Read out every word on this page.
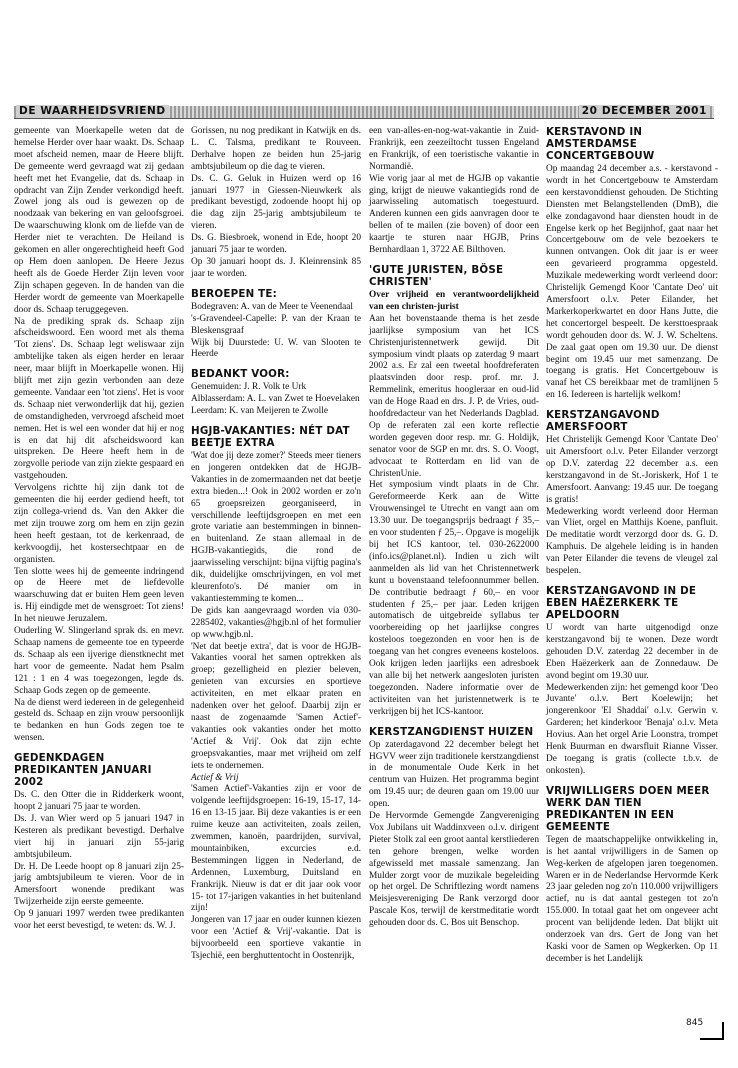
DE WAARHEIDSVRIEND	20 DECEMBER 2001

gemeente van Moerkapelle weten dat de hemelse Herder over haar waakt. Ds. Schaap moet afscheid nemen, maar de Heere blijft. De gemeente werd gevraagd wat zij gedaan heeft met het Evangelie, dat ds. Schaap in opdracht van Zijn Zender verkondigd heeft. Zowel jong als oud is gewezen op de noodzaak van bekering en van geloofsgroei. De waarschuwing klonk om de liefde van de Herder niet te verachten. De Heiland is gekomen en aller ongerechtigheid heeft God op Hem doen aanlopen. De Heere Jezus heeft als de Goede Herder Zijn leven voor Zijn schapen gegeven. In de handen van die Herder wordt de gemeente van Moerkapelle door ds. Schaap teruggegeven.

Na de prediking sprak ds. Schaap zijn afscheidswoord. Een woord met als thema 'Tot ziens'. Ds. Schaap legt weliswaar zijn ambtelijke taken als eigen herder en leraar neer, maar blijft in Moerkapelle wonen. Hij blijft met zijn gezin verbonden aan deze gemeente. Vandaar een 'tot ziens'. Het is voor ds. Schaap niet verwonderlijk dat hij, gezien de omstandigheden, vervroegd afscheid moet nemen. Het is wel een wonder dat hij er nog is en dat hij dit afscheidswoord kan uitspreken. De Heere heeft hem in de zorgvolle periode van zijn ziekte gespaard en vastgehouden.

Vervolgens richtte hij zijn dank tot de gemeenten die hij eerder gediend heeft, tot zijn collega-vriend ds. Van den Akker die met zijn trouwe zorg om hem en zijn gezin heen heeft gestaan, tot de kerkenraad, de kerkvoogdij, het kostersechtpaar en de organisten.

Ten slotte wees hij de gemeente indringend op de Heere met de liefdevolle waarschuwing dat er buiten Hem geen leven is. Hij eindigde met de wensgroet: Tot ziens! In het nieuwe Jeruzalem.

Ouderling W. Slingerland sprak ds. en mevr. Schaap namens de gemeente toe en typeerde ds. Schaap als een ijverige dienstknecht met hart voor de gemeente. Nadat hem Psalm 121 : 1 en 4 was toegezongen, legde ds. Schaap Gods zegen op de gemeente.

Na de dienst werd iedereen in de gelegenheid gesteld ds. Schaap en zijn vrouw persoonlijk te bedanken en hun Gods zegen toe te wensen.

GEDENKDAGEN PREDIKANTEN JANUARI 2002

Ds. C. den Otter die in Ridderkerk woont, hoopt 2 januari 75 jaar te worden.

Ds. J. van Wier werd op 5 januari 1947 in Kesteren als predikant bevestigd. Derhalve viert hij in januari zijn 55-jarig ambtsjubileum.

Dr. H. De Leede hoopt op 8 januari zijn 25-jarig ambtsjubileum te vieren. Voor de in Amersfoort wonende predikant was Twijzerheide zijn eerste gemeente.

Op 9 januari 1997 werden twee predikanten voor het eerst bevestigd, te weten: ds. W. J.

Gorissen, nu nog predikant in Katwijk en ds. L. C. Talsma, predikant te Rouveen. Derhalve hopen ze beiden hun 25-jarig ambtsjubileum op die dag te vieren.

Ds. C. G. Geluk in Huizen werd op 16 januari 1977 in Giessen-Nieuwkerk als predikant bevestigd, zodoende hoopt hij op die dag zijn 25-jarig ambtsjubileum te vieren.

Ds. G. Biesbroek, wonend in Ede, hoopt 20 januari 75 jaar te worden.

Op 30 januari hoopt ds. J. Kleinrensink 85 jaar te worden.

BEROEPEN TE:

Bodegraven: A. van de Meer te Veenendaal

's-Gravendeel-Capelle: P. van der Kraan te Bleskensgraaf

Wijk bij Duurstede: U. W. van Slooten te Heerde

BEDANKT VOOR:

Genemuiden: J. R. Volk te Urk

Alblasserdam: A. L. van Zwet te Hoevelaken

Leerdam: K. van Meijeren te Zwolle

HGJB-VAKANTIES: NÉT DAT BEETJE EXTRA

'Wat doe jij deze zomer?' Steeds meer tieners en jongeren ontdekken dat de HGJB-Vakanties in de zomermaanden net dat beetje extra bieden...! Ook in 2002 worden er zo'n 65 groepsreizen georganiseerd, in verschillende leeftijdsgroepen en met een grote variatie aan bestemmingen in binnen- en buitenland. Ze staan allemaal in de HGJB-vakantiegids, die rond de jaarwisseling verschijnt: bijna vijftig pagina's dik, duidelijke omschrijvingen, en vol met kleurenfoto's. Dé manier om in vakantiestemming te komen...

De gids kan aangevraagd worden via 030-2285402, vakanties@hgjb.nl of het formulier op www.hgjb.nl.

'Net dat beetje extra', dat is voor de HGJB-Vakanties vooral het samen optrekken als groep; gezelligheid en plezier beleven, genieten van excursies en sportieve activiteiten, en met elkaar praten en nadenken over het geloof. Daarbij zijn er naast de zogenaamde 'Samen Actief'-vakanties ook vakanties onder het motto 'Actief & Vrij'. Ook dat zijn echte groepsvakanties, maar met vrijheid om zelf iets te ondernemen.

Actief & Vrij

'Samen Actief'-Vakanties zijn er voor de volgende leeftijdsgroepen: 16-19, 15-17, 14-16 en 13-15 jaar. Bij deze vakanties is er een ruime keuze aan activiteiten, zoals zeilen, zwemmen, kanoën, paardrijden, survival, mountainbiken, excurcies e.d. Bestemmingen liggen in Nederland, de Ardennen, Luxemburg, Duitsland en Frankrijk. Nieuw is dat er dit jaar ook voor 15- tot 17-jarigen vakanties in het buitenland zijn!

Jongeren van 17 jaar en ouder kunnen kiezen voor een 'Actief & Vrij'-vakantie. Dat is bijvoorbeeld een sportieve vakantie in Tsjechië, een berghuttentocht in Oostenrijk,

een van-alles-en-nog-wat-vakantie in Zuid-Frankrijk, een zeezeiltocht tussen Engeland en Frankrijk, of een toeristische vakantie in Normandië.

Wie vorig jaar al met de HGJB op vakantie ging, krijgt de nieuwe vakantiegids rond de jaarwisseling automatisch toegestuurd. Anderen kunnen een gids aanvragen door te bellen of te mailen (zie boven) of door een kaartje te sturen naar HGJB, Prins Bernhardlaan 1, 3722 AE Bilthoven.

'GUTE JURISTEN, BÖSE CHRISTEN'

Over vrijheid en verantwoordelijkheid van een christen-jurist

Aan het bovenstaande thema is het zesde jaarlijkse symposium van het ICS Christenjuristennetwerk gewijd. Dit symposium vindt plaats op zaterdag 9 maart 2002 a.s. Er zal een tweetal hoofdreferaten plaatsvinden door resp. prof. mr. J. Remmelink, emeritus hoogleraar en oud-lid van de Hoge Raad en drs. J. P. de Vries, oud-hoofdredacteur van het Nederlands Dagblad. Op de referaten zal een korte reflectie worden gegeven door resp. mr. G. Holdijk, senator voor de SGP en mr. drs. S. O. Voogt, advocaat te Rotterdam en lid van de ChristenUnie.

Het symposium vindt plaats in de Chr. Gereformeerde Kerk aan de Witte Vrouwensingel te Utrecht en vangt aan om 13.30 uur. De toegangsprijs bedraagt ƒ 35,– en voor studenten ƒ 25,–. Opgave is mogelijk bij het ICS kantoor, tel. 030-2622000 (info.ics@planet.nl). Indien u zich wilt aanmelden als lid van het Christennetwerk kunt u bovenstaand telefoonnummer bellen. De contributie bedraagt ƒ 60,– en voor studenten ƒ 25,– per jaar. Leden krijgen automatisch de uitgebreide syllabus ter voorbereiding op het jaarlijkse congres kosteloos toegezonden en voor hen is de toegang van het congres eveneens kosteloos. Ook krijgen leden jaarlijks een adresboek van alle bij het netwerk aangesloten juristen toegezonden. Nadere informatie over de activiteiten van het juristennetwerk is te verkrijgen bij het ICS-kantoor.

KERSTZANGDIENST HUIZEN

Op zaterdagavond 22 december belegt het HGVV weer zijn traditionele kerstzangdienst in de monumentale Oude Kerk in het centrum van Huizen. Het programma begint om 19.45 uur; de deuren gaan om 19.00 uur open.

De Hervormde Gemengde Zangvereniging Vox Jubilans uit Waddinxveen o.l.v. dirigent Pieter Stolk zal een groot aantal kerstliederen ten gehore brengen, welke worden afgewisseld met massale samenzang. Jan Mulder zorgt voor de muzikale begeleiding op het orgel. De Schriftlezing wordt namens Meisjesvereniging De Rank verzorgd door Pascale Kos, terwijl de kerstmeditatie wordt gehouden door ds. C. Bos uit Benschop.

KERSTAVOND IN AMSTERDAMSE CONCERTGEBOUW

Op maandag 24 december a.s. - kerstavond - wordt in het Concertgebouw te Amsterdam een kerstavonddienst gehouden. De Stichting Diensten met Belangstellenden (DmB), die elke zondagavond haar diensten houdt in de Engelse kerk op het Begijnhof, gaat naar het Concertgebouw om de vele bezoekers te kunnen ontvangen. Ook dit jaar is er weer een gevarieerd programma opgesteld. Muzikale medewerking wordt verleend door: Christelijk Gemengd Koor 'Cantate Deo' uit Amersfoort o.l.v. Peter Eilander, het Markerkoperkwartet en door Hans Jutte, die het concertorgel bespeelt. De kersttoespraak wordt gehouden door ds. W. J. W. Scheltens. De zaal gaat open om 19.30 uur. De dienst begint om 19.45 uur met samenzang. De toegang is gratis. Het Concertgebouw is vanaf het CS bereikbaar met de tramlijnen 5 en 16. Iedereen is hartelijk welkom!

KERSTZANGAVOND AMERSFOORT

Het Christelijk Gemengd Koor 'Cantate Deo' uit Amersfoort o.l.v. Peter Eilander verzorgt op D.V. zaterdag 22 december a.s. een kerstzangavond in de St.-Joriskerk, Hof 1 te Amersfoort. Aanvang: 19.45 uur. De toegang is gratis!

Medewerking wordt verleend door Herman van Vliet, orgel en Matthijs Koene, panfluit. De meditatie wordt verzorgd door ds. G. D. Kamphuis. De algehele leiding is in handen van Peter Eilander die tevens de vleugel zal bespelen.

KERSTZANGAVOND IN DE EBEN HAËZERKERK TE APELDOORN

U wordt van harte uitgenodigd onze kerstzangavond bij te wonen. Deze wordt gehouden D.V. zaterdag 22 december in de Eben Haëzerkerk aan de Zonnedauw. De avond begint om 19.30 uur.

Medewerkenden zijn: het gemengd koor 'Deo Juvante' o.l.v. Bert Koelewijn; het jongerenkoor 'El Shaddai' o.l.v. Gerwin v. Garderen; het kinderkoor 'Benaja' o.l.v. Meta Hovius. Aan het orgel Arie Loonstra, trompet Henk Buurman en dwarsfluit Rianne Visser. De toegang is gratis (collecte t.b.v. de onkosten).

VRIJWILLIGERS DOEN MEER WERK DAN TIEN PREDIKANTEN IN EEN GEMEENTE

Tegen de maatschappelijke ontwikkeling in, is het aantal vrijwilligers in de Samen op Weg-kerken de afgelopen jaren toegenomen. Waren er in de Nederlandse Hervormde Kerk 23 jaar geleden nog zo'n 110.000 vrijwilligers actief, nu is dat aantal gestegen tot zo'n 155.000. In totaal gaat het om ongeveer acht procent van belijdende leden. Dat blijkt uit onderzoek van drs. Gert de Jong van het Kaski voor de Samen op Wegkerken. Op 11 december is het Landelijk

845
